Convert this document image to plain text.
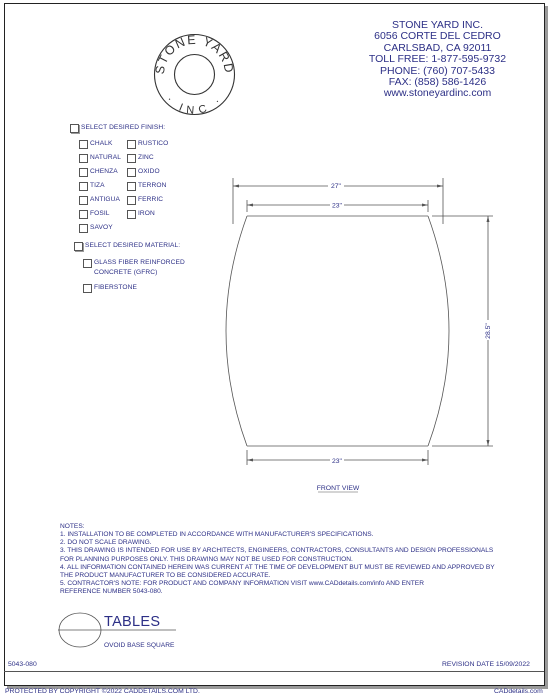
STONE YARD
· INC ·
STONE YARD INC.
6056 CORTE DEL CEDRO
CARLSBAD, CA 92011
TOLL FREE: 1-877-595-9732
PHONE: (760) 707-5433
FAX: (858) 586-1426
www.stoneyardinc.com
SELECT DESIRED FINISH:
CHALK
NATURAL
CHENZA
TIZA
ANTIGUA
FOSIL
SAVOY
RUSTICO
ZINC
OXIDO
TERRON
FERRIC
IRON
SELECT DESIRED MATERIAL:
GLASS FIBER REINFORCED
CONCRETE (GFRC)
FIBERSTONE
27"
23"
23"
28.5"
FRONT VIEW
NOTES:
1. INSTALLATION TO BE COMPLETED IN ACCORDANCE WITH MANUFACTURER'S SPECIFICATIONS.
2. DO NOT SCALE DRAWING.
3. THIS DRAWING IS INTENDED FOR USE BY ARCHITECTS, ENGINEERS, CONTRACTORS, CONSULTANTS AND DESIGN PROFESSIONALS
FOR PLANNING PURPOSES ONLY. THIS DRAWING MAY NOT BE USED FOR CONSTRUCTION.
4. ALL INFORMATION CONTAINED HEREIN WAS CURRENT AT THE TIME OF DEVELOPMENT BUT MUST BE REVIEWED AND APPROVED BY
THE PRODUCT MANUFACTURER TO BE CONSIDERED ACCURATE.
5. CONTRACTOR'S NOTE: FOR PRODUCT AND COMPANY INFORMATION VISIT www.CADdetails.com/info AND ENTER
REFERENCE NUMBER 5043-080.
TABLES
OVOID BASE SQUARE
5043-080	REVISION DATE 15/09/2022
PROTECTED BY COPYRIGHT ©2022 CADDETAILS.COM LTD.	CADdetails.com
